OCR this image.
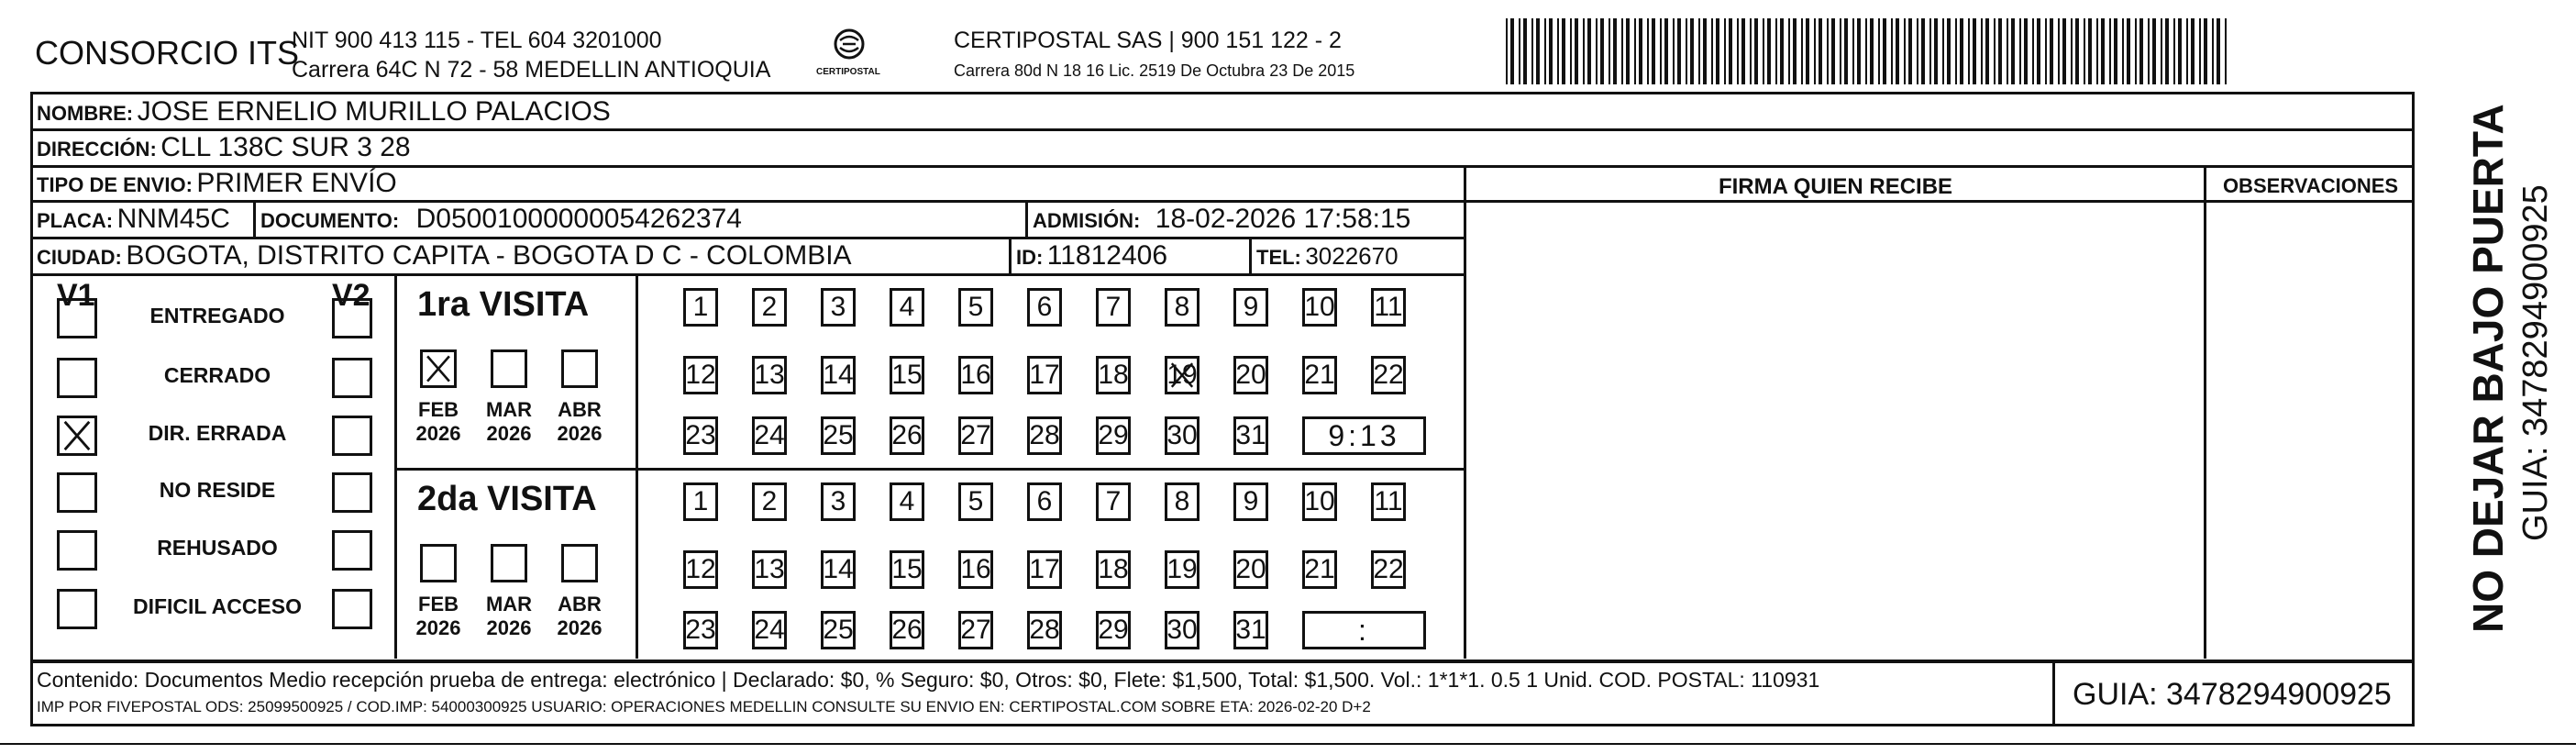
CONSORCIO ITS
NIT 900 413 115 - TEL 604 3201000
Carrera 64C N 72 - 58 MEDELLIN ANTIOQUIA	CERTIPOSTAL
CERTIPOSTAL SAS | 900 151 122 - 2
Carrera 80d N 18 16 Lic. 2519 De Octubra 23 De 2015
NOMBRE: JOSE ERNELIO MURILLO PALACIOS
DIRECCIÓN: CLL 138C SUR 3 28
TIPO DE ENVIO: PRIMER ENVÍO
PLACA: NNM45C DOCUMENTO: D05001000000054262374	ADMISIÓN: 18-02-2026 17:58:15
CIUDAD: BOGOTA, DISTRITO CAPITA - BOGOTA D C - COLOMBIA	ID: 11812406	TEL: 3022670
FIRMA QUIEN RECIBE	OBSERVACIONES
V1	V2
ENTREGADO
CERRADO
DIR. ERRADA
NO RESIDE
REHUSADO
DIFICIL ACCESO
1ra VISITA
FEB
2026
MAR
2026
ABR
2026
1 2 3 4 5 6 7 8 9 10 11
12 13 14 15 16 17 18 19 20 21 22
23 24 25 26 27 28 29 30 31 9:13
2da VISITA
FEB
2026
MAR
2026
ABR
2026
1 2 3 4 5 6 7 8 9 10 11
12 13 14 15 16 17 18 19 20 21 22
23 24 25 26 27 28 29 30 31	:
Contenido: Documentos Medio recepción prueba de entrega: electrónico | Declarado: $0, % Seguro: $0, Otros: $0, Flete: $1,500, Total: $1,500. Vol.: 1*1*1. 0.5 1 Unid. COD. POSTAL: 110931
IMP POR FIVEPOSTAL ODS: 25099500925 / COD.IMP: 54000300925 USUARIO: OPERACIONES MEDELLIN CONSULTE SU ENVIO EN: CERTIPOSTAL.COM SOBRE ETA: 2026-02-20 D+2	GUIA: 3478294900925
NO DEJAR BAJO PUERTA GUIA: 3478294900925
